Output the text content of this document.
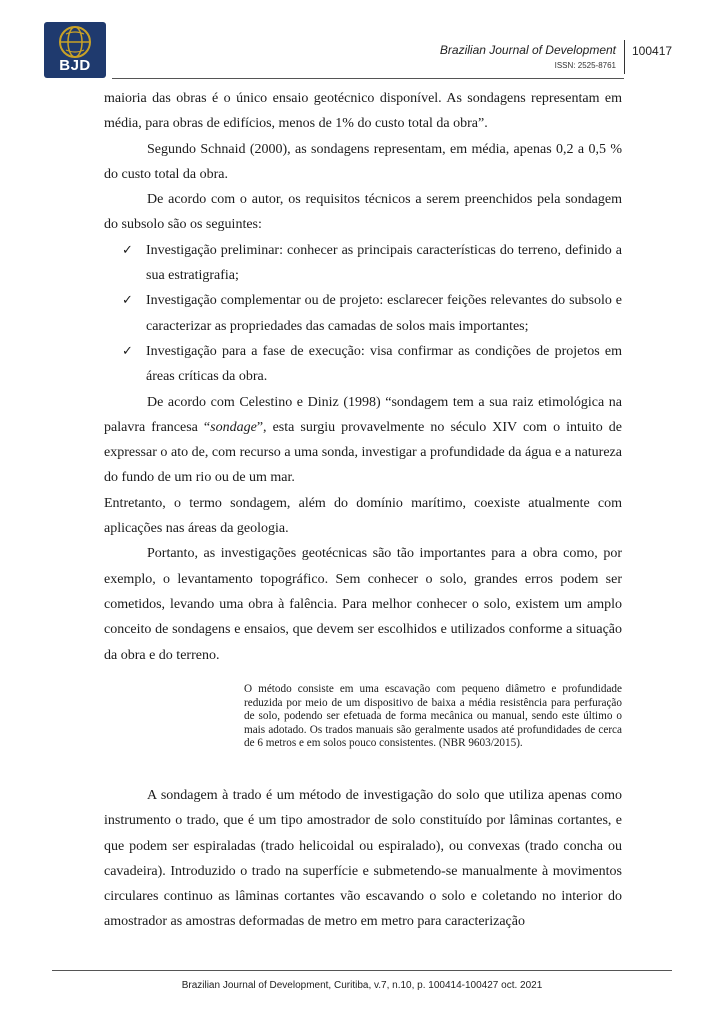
BJD
Brazilian Journal of Development
ISSN: 2525-8761
100417

maioria das obras é o único ensaio geotécnico disponível. As sondagens representam em média, para obras de edifícios, menos de 1% do custo total da obra”.

Segundo Schnaid (2000), as sondagens representam, em média, apenas 0,2 a 0,5 % do custo total da obra.

De acordo com o autor, os requisitos técnicos a serem preenchidos pela sondagem do subsolo são os seguintes:

✓ Investigação preliminar: conhecer as principais características do terreno, definido a sua estratigrafia;
✓ Investigação complementar ou de projeto: esclarecer feições relevantes do subsolo e caracterizar as propriedades das camadas de solos mais importantes;
✓ Investigação para a fase de execução: visa confirmar as condições de projetos em áreas críticas da obra.

De acordo com Celestino e Diniz (1998) “sondagem tem a sua raiz etimológica na palavra francesa “sondage”, esta surgiu provavelmente no século XIV com o intuito de expressar o ato de, com recurso a uma sonda, investigar a profundidade da água e a natureza do fundo de um rio ou de um mar.

Entretanto, o termo sondagem, além do domínio marítimo, coexiste atualmente com aplicações nas áreas da geologia.

Portanto, as investigações geotécnicas são tão importantes para a obra como, por exemplo, o levantamento topográfico. Sem conhecer o solo, grandes erros podem ser cometidos, levando uma obra à falência. Para melhor conhecer o solo, existem um amplo conceito de sondagens e ensaios, que devem ser escolhidos e utilizados conforme a situação da obra e do terreno.

O método consiste em uma escavação com pequeno diâmetro e profundidade reduzida por meio de um dispositivo de baixa a média resistência para perfuração de solo, podendo ser efetuada de forma mecânica ou manual, sendo este último o mais adotado. Os trados manuais são geralmente usados até profundidades de cerca de 6 metros e em solos pouco consistentes. (NBR 9603/2015).

A sondagem à trado é um método de investigação do solo que utiliza apenas como instrumento o trado, que é um tipo amostrador de solo constituído por lâminas cortantes, e que podem ser espiraladas (trado helicoidal ou espiralado), ou convexas (trado concha ou cavadeira). Introduzido o trado na superfície e submetendo-se manualmente à movimentos circulares continuo as lâminas cortantes vão escavando o solo e coletando no interior do amostrador as amostras deformadas de metro em metro para caracterização

Brazilian Journal of Development, Curitiba, v.7, n.10, p. 100414-100427 oct. 2021
